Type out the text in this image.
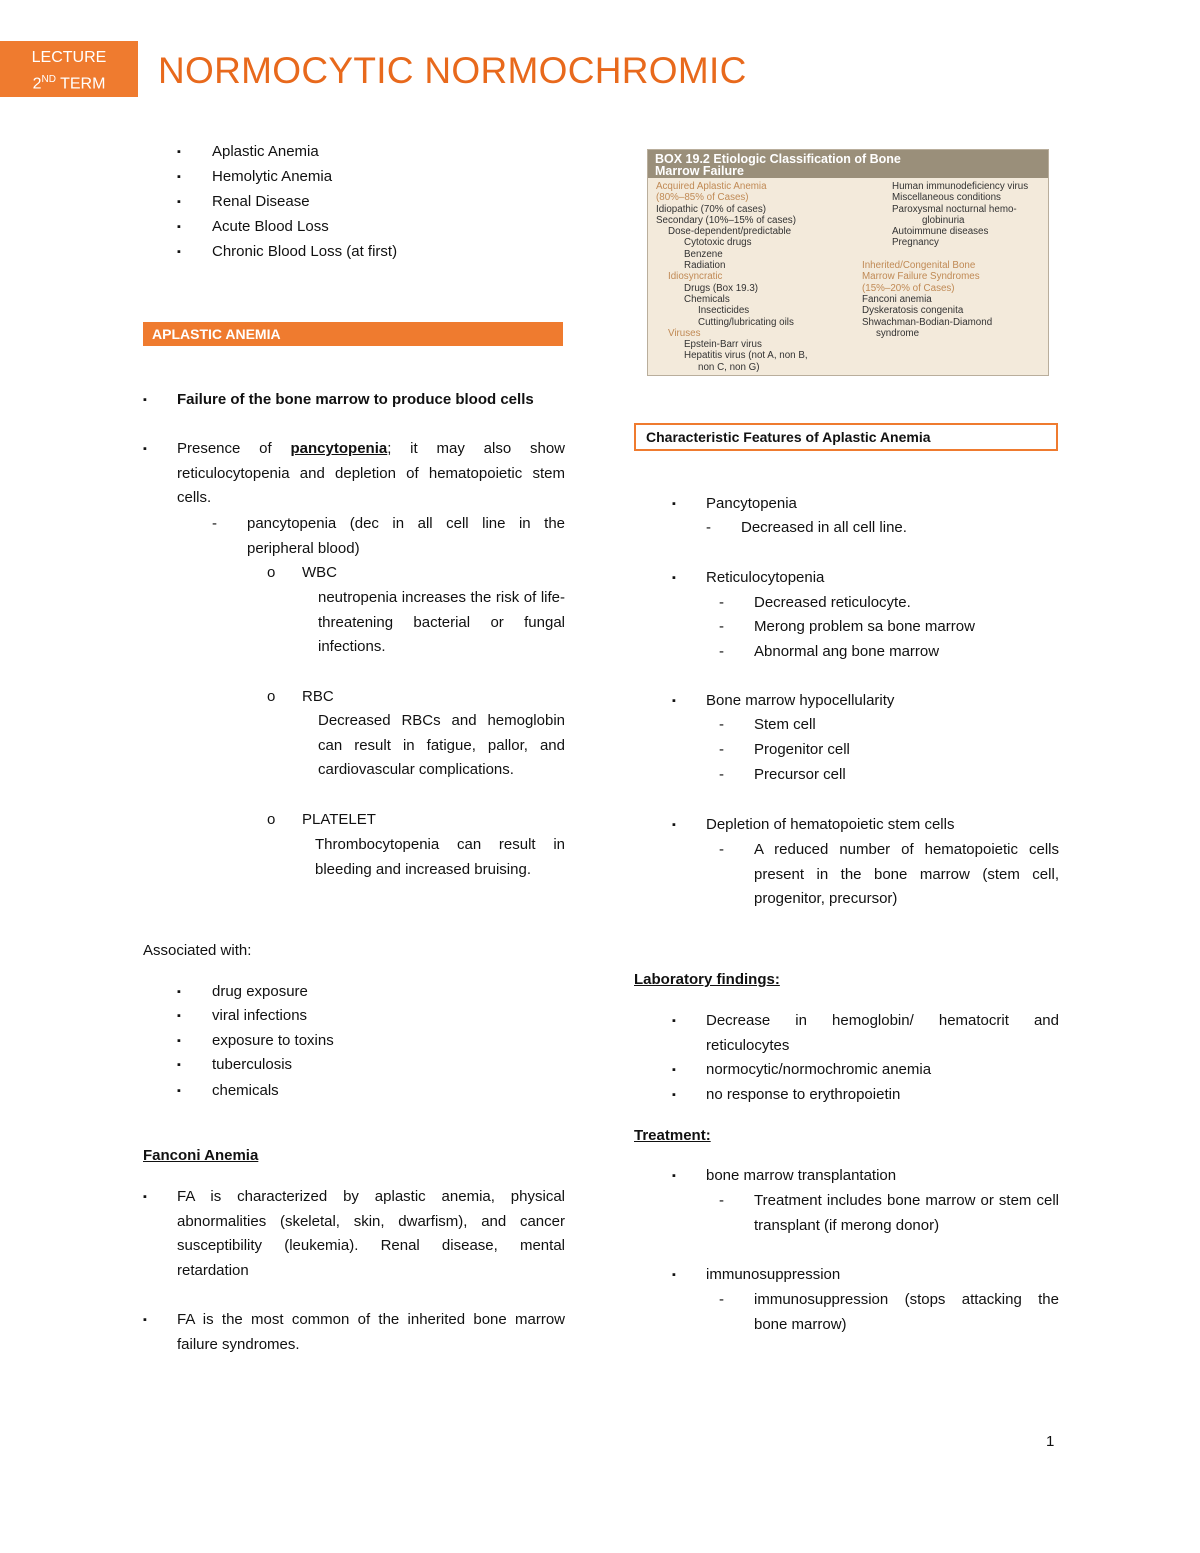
LECTURE
2ND TERM	NORMOCYTIC NORMOCHROMIC
▪ Aplastic Anemia
▪ Hemolytic Anemia
▪ Renal Disease
▪ Acute Blood Loss
▪ Chronic Blood Loss (at first)
APLASTIC ANEMIA
▪ Failure of the bone marrow to produce blood cells
▪ Presence of pancytopenia; it may also show reticulocytopenia and depletion of hematopoietic stem cells.
- pancytopenia (dec in all cell line in the peripheral blood)
o WBC
neutropenia increases the risk of life-threatening bacterial or fungal infections.
o RBC
Decreased RBCs and hemoglobin can result in fatigue, pallor, and cardiovascular complications.
o PLATELET
Thrombocytopenia can result in bleeding and increased bruising.
Associated with:
▪ drug exposure
▪ viral infections
▪ exposure to toxins
▪ tuberculosis
▪ chemicals
Fanconi Anemia
▪ FA is characterized by aplastic anemia, physical abnormalities (skeletal, skin, dwarfism), and cancer susceptibility (leukemia). Renal disease, mental retardation
▪ FA is the most common of the inherited bone marrow failure syndromes.
BOX 19.2 Etiologic Classification of Bone
Marrow Failure
Acquired Aplastic Anemia
(80%–85% of Cases)
Idiopathic (70% of cases)
Secondary (10%–15% of cases)
Dose-dependent/predictable
Cytotoxic drugs
Benzene
Radiation
Idiosyncratic
Drugs (Box 19.3)
Chemicals
Insecticides
Cutting/lubricating oils
Viruses
Epstein-Barr virus
Hepatitis virus (not A, non B,
non C, non G)
Human immunodeficiency virus
Miscellaneous conditions
Paroxysmal nocturnal hemo-
globinuria
Autoimmune diseases
Pregnancy

Inherited/Congenital Bone
Marrow Failure Syndromes
(15%–20% of Cases)
Fanconi anemia
Dyskeratosis congenita
Shwachman-Bodian-Diamond
syndrome
Characteristic Features of Aplastic Anemia
▪ Pancytopenia
- Decreased in all cell line.
▪ Reticulocytopenia
- Decreased reticulocyte.
- Merong problem sa bone marrow
- Abnormal ang bone marrow
▪ Bone marrow hypocellularity
- Stem cell
- Progenitor cell
- Precursor cell
▪ Depletion of hematopoietic stem cells
- A reduced number of hematopoietic cells present in the bone marrow (stem cell, progenitor, precursor)
Laboratory findings:
▪ Decrease in hemoglobin/ hematocrit and reticulocytes
▪ normocytic/normochromic anemia
▪ no response to erythropoietin
Treatment:
▪ bone marrow transplantation
- Treatment includes bone marrow or stem cell transplant (if merong donor)
▪ immunosuppression
- immunosuppression (stops attacking the bone marrow)
1
